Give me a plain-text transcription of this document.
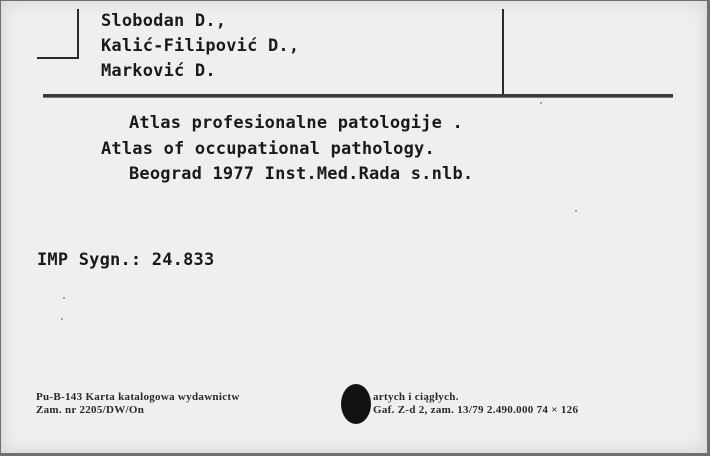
Slobodan D.,
Kalić-Filipović D.,
Marković D.
Atlas profesionalne patologije .
Atlas of occupational pathology.
Beograd 1977 Inst.Med.Rada s.nlb.
IMP Sygn.: 24.833
Pu-B-143 Karta katalogowa wydawnictw
Zam. nr 2205/DW/On
artych i ciągłych.
Gaf. Z-d 2, zam. 13/79 2.490.000 74 × 126
